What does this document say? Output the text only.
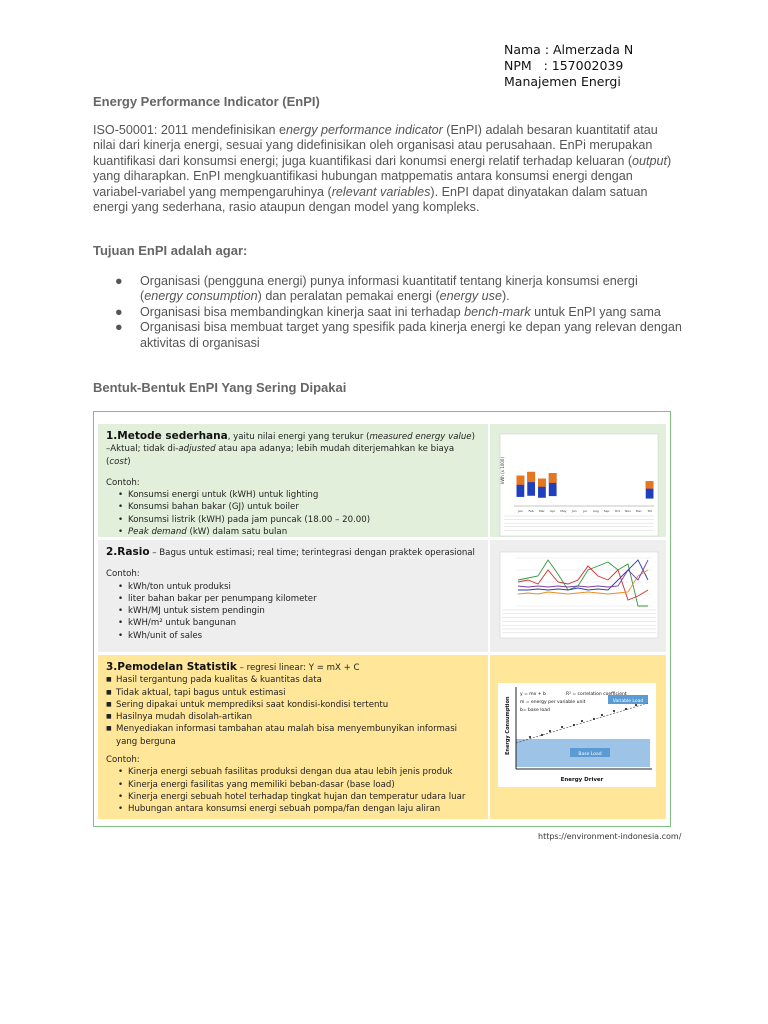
Nama : Almerzada N
NPM   : 157002039
Manajemen Energi
Energy Performance Indicator (EnPI)
ISO-50001: 2011 mendefinisikan energy performance indicator (EnPI) adalah besaran kuantitatif atau nilai dari kinerja energi, sesuai yang didefinisikan oleh organisasi atau perusahaan. EnPi merupakan kuantifikasi dari konsumsi energi; juga kuantifikasi dari konumsi energi relatif terhadap keluaran (output) yang diharapkan. EnPI mengkuantifikasi hubungan matppematis antara konsumsi energi dengan variabel-variabel yang mempengaruhinya (relevant variables). EnPI dapat dinyatakan dalam satuan energi yang sederhana, rasio ataupun dengan model yang kompleks.
Tujuan EnPI adalah agar:
● Organisasi (pengguna energi) punya informasi kuantitatif tentang kinerja konsumsi energi (energy consumption) dan peralatan pemakai energi (energy use).
● Organisasi bisa membandingkan kinerja saat ini terhadap bench-mark untuk EnPI yang sama
● Organisasi bisa membuat target yang spesifik pada kinerja energi ke depan yang relevan dengan aktivitas di organisasi
Bentuk-Bentuk EnPI Yang Sering Dipakai
1.Metode sederhana, yaitu nilai energi yang terukur (measured energy value)
–Aktual; tidak di-adjusted atau apa adanya; lebih mudah diterjemahkan ke biaya (cost)
Contoh:
• Konsumsi energi untuk (kWH) untuk lighting
• Konsumsi bahan bakar (GJ) untuk boiler
• Konsumsi listrik (kWH) pada jam puncak (18.00 – 20.00)
• Peak demand (kW) dalam satu bulan
kWh (x 1000)
Jan Feb Mar Apr May	Jun	Jul Aug Sep Oct Nov Dec	Tot
2.Rasio – Bagus untuk estimasi; real time; terintegrasi dengan praktek operasional
Contoh:
• kWh/ton untuk produksi
• liter bahan bakar per penumpang kilometer
• kWH/MJ untuk sistem pendingin
• kWH/m² untuk bangunan
• kWh/unit of sales
3.Pemodelan Statistik – regresi linear: Y = mX + C
■ Hasil tergantung pada kualitas & kuantitas data
■ Tidak aktual, tapi bagus untuk estimasi
■ Sering dipakai untuk memprediksi saat kondisi-kondisi tertentu
■ Hasilnya mudah disolah-artikan
■ Menyediakan informasi tambahan atau malah bisa menyembunyikan informasi yang berguna
Contoh:
• Kinerja energi sebuah fasilitas produksi dengan dua atau lebih jenis produk
• Kinerja energi fasilitas yang memiliki beban-dasar (base load)
• Kinerja energi sebuah hotel terhadap tingkat hujan dan temperatur udara luar
• Hubungan antara konsumsi energi sebuah pompa/fan dengan laju aliran
Variable Load
Base Load
y = mx + b
m = energy per variable unit
b= base load
R² = correlation coefficient
Energy Consumption
Energy Driver
https://environment-indonesia.com/
